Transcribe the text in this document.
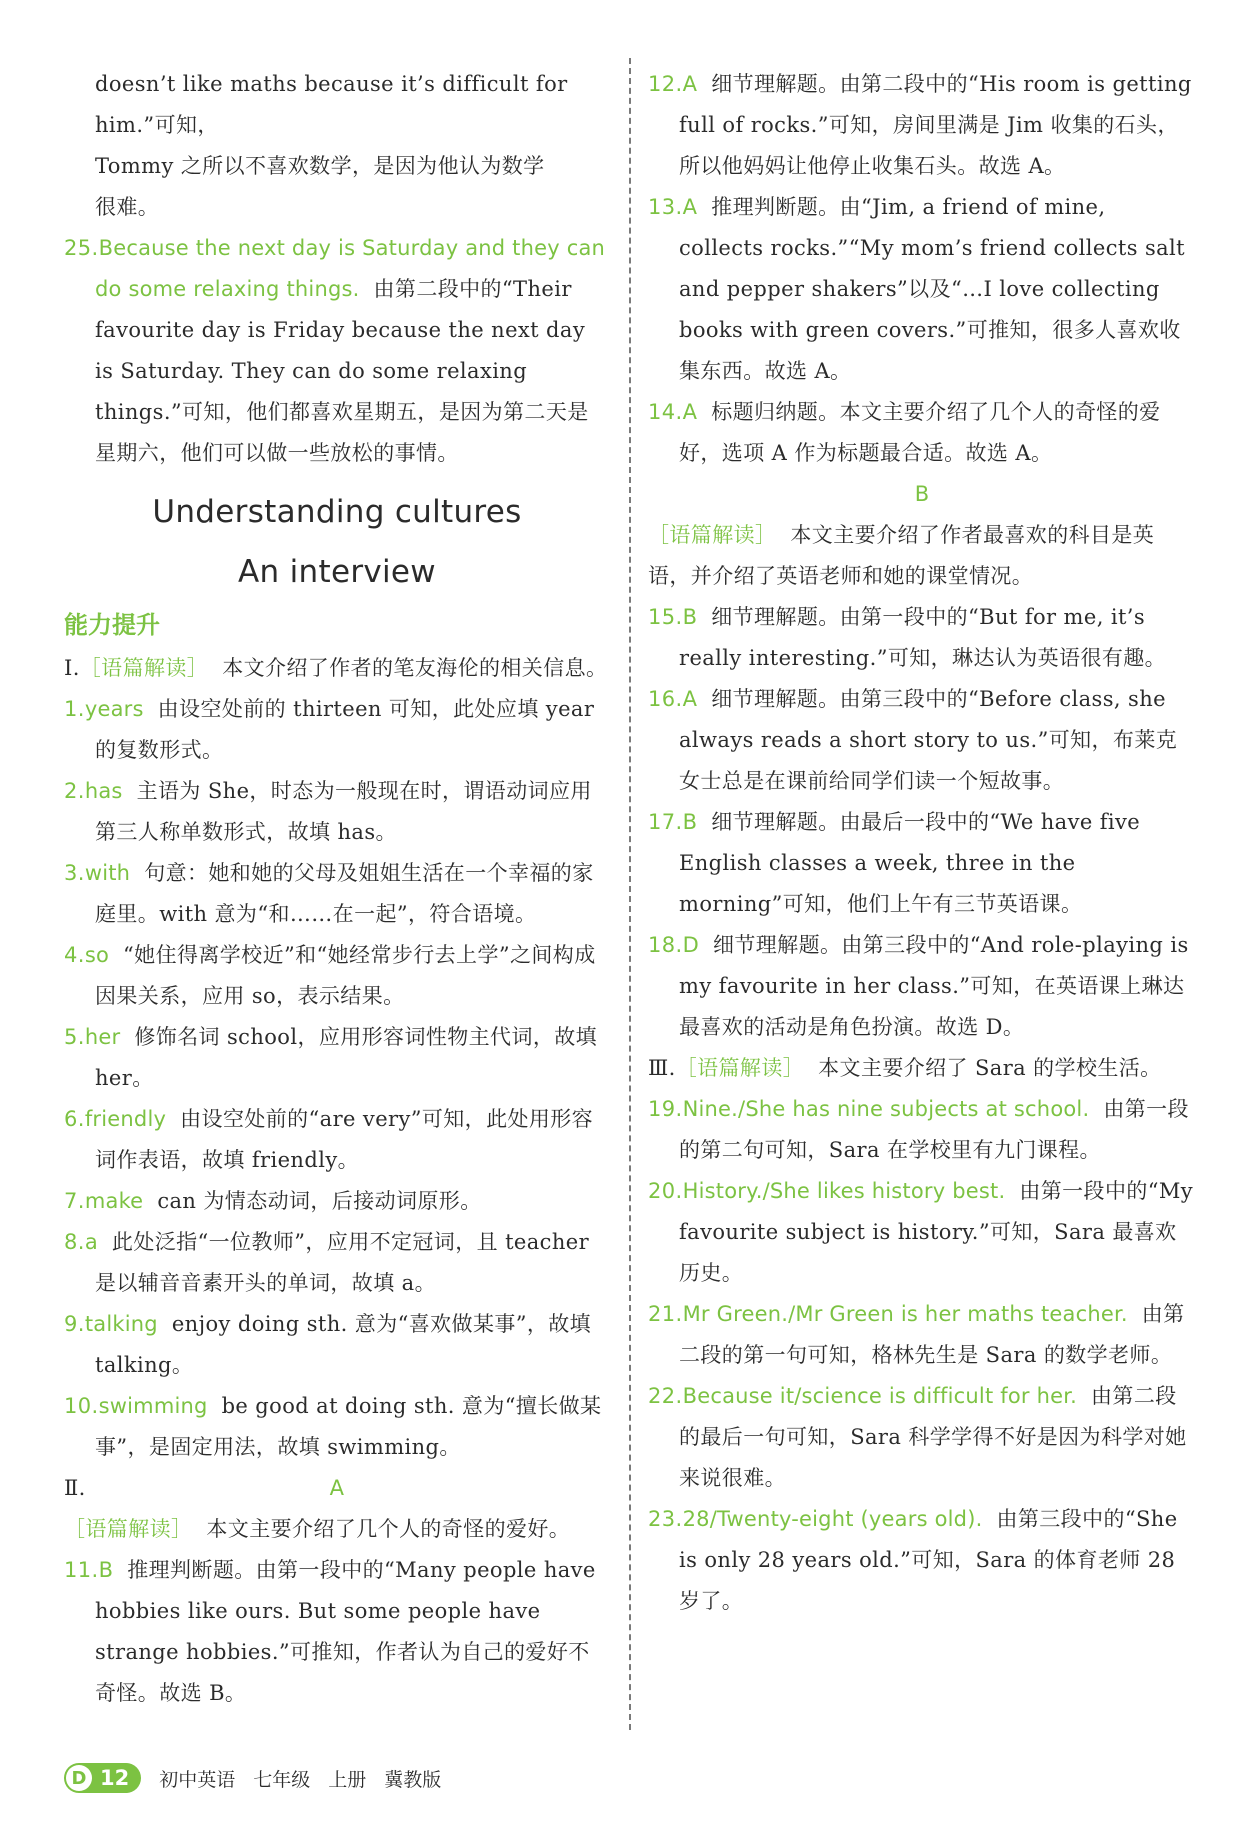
doesn’t like maths because it’s difficult for him.”可知，

Tommy 之所以不喜欢数学，是因为他认为数学

很难。

25.Because the next day is Saturday and they can do some relaxing things. 由第二段中的“Their favourite day is Friday because the next day is Saturday. They can do some relaxing things.”可知，他们都喜欢星期五，是因为第二天是星期六，他们可以做一些放松的事情。
Understanding cultures
An interview
能力提升
Ⅰ.［语篇解读］ 本文介绍了作者的笔友海伦的相关信息。
1.years 由设空处前的 thirteen 可知，此处应填 year 的复数形式。
2.has 主语为 She，时态为一般现在时，谓语动词应用第三人称单数形式，故填 has。
3.with 句意：她和她的父母及姐姐生活在一个幸福的家庭里。with 意为“和……在一起”，符合语境。
4.so “她住得离学校近”和“她经常步行去上学”之间构成因果关系，应用 so，表示结果。
5.her 修饰名词 school，应用形容词性物主代词，故填 her。
6.friendly 由设空处前的“are very”可知，此处用形容词作表语，故填 friendly。
7.make can 为情态动词，后接动词原形。
8.a 此处泛指“一位教师”，应用不定冠词，且 teacher 是以辅音音素开头的单词，故填 a。
9.talking enjoy doing sth. 意为“喜欢做某事”，故填 talking。
10.swimming be good at doing sth. 意为“擅长做某事”，是固定用法，故填 swimming。
Ⅱ.	A
［语篇解读］ 本文主要介绍了几个人的奇怪的爱好。
11.B 推理判断题。由第一段中的“Many people have hobbies like ours. But some people have strange hobbies.”可推知，作者认为自己的爱好不奇怪。故选 B。
12.A 细节理解题。由第二段中的“His room is getting full of rocks.”可知，房间里满是 Jim 收集的石头，所以他妈妈让他停止收集石头。故选 A。
13.A 推理判断题。由“Jim, a friend of mine, collects rocks.”“My mom’s friend collects salt and pepper shakers”以及“…I love collecting books with green covers.”可推知，很多人喜欢收集东西。故选 A。
14.A 标题归纳题。本文主要介绍了几个人的奇怪的爱好，选项 A 作为标题最合适。故选 A。
B
［语篇解读］ 本文主要介绍了作者最喜欢的科目是英语，并介绍了英语老师和她的课堂情况。
15.B 细节理解题。由第一段中的“But for me, it’s really interesting.”可知，琳达认为英语很有趣。
16.A 细节理解题。由第三段中的“Before class, she always reads a short story to us.”可知，布莱克女士总是在课前给同学们读一个短故事。
17.B 细节理解题。由最后一段中的“We have five English classes a week, three in the morning”可知，他们上午有三节英语课。
18.D 细节理解题。由第三段中的“And role-playing is my favourite in her class.”可知，在英语课上琳达最喜欢的活动是角色扮演。故选 D。
Ⅲ.［语篇解读］ 本文主要介绍了 Sara 的学校生活。
19.Nine./She has nine subjects at school. 由第一段的第二句可知，Sara 在学校里有九门课程。
20.History./She likes history best. 由第一段中的“My favourite subject is history.”可知，Sara 最喜欢历史。
21.Mr Green./Mr Green is her maths teacher. 由第二段的第一句可知，格林先生是 Sara 的数学老师。
22.Because it/science is difficult for her. 由第二段的最后一句可知，Sara 科学学得不好是因为科学对她来说很难。
23.28/Twenty-eight (years old). 由第三段中的“She is only 28 years old.”可知，Sara 的体育老师 28 岁了。
D 12	初中英语 七年级 上册 冀教版
